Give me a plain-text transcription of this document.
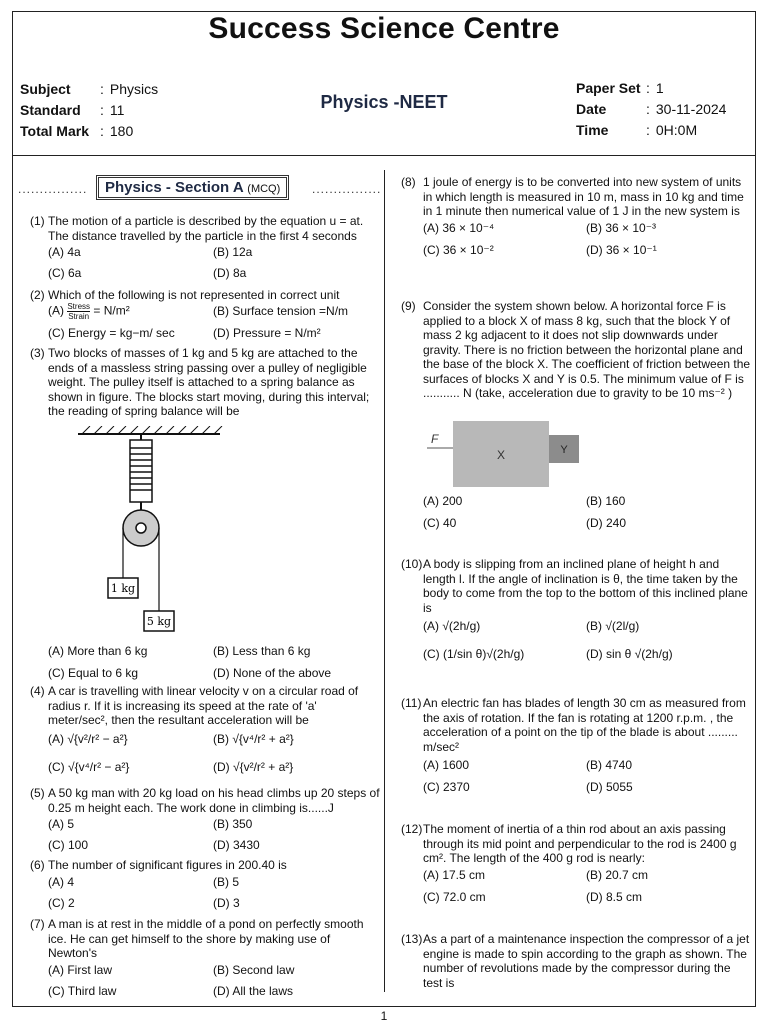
Success Science Centre
Subject : Physics
Standard : 11
Total Mark : 180
Physics -NEET
Paper Set : 1
Date	: 30-11-2024
Time	: 0H:0M
................	Physics - Section A (MCQ)	................
(1) The motion of a particle is described by the equation u = at. The distance travelled by the particle in the first 4 seconds
(A) 4a	(B) 12a
(C) 6a	(D) 8a
(2) Which of the following is not represented in correct unit
$(A) \frac{\text{Stress}}{\text{Strain}} = N/m^2$	(B) Surface tension =N/m
(C) Energy = kg−m/ sec	(D) Pressure = N/m²
(3) Two blocks of masses of 1 kg and 5 kg are attached to the ends of a massless string passing over a pulley of negligible weight. The pulley itself is attached to a spring balance as shown in figure. The blocks start moving, during this interval; the reading of spring balance will be
1 kg
5 kg
(A) More than 6 kg	(B) Less than 6 kg
(C) Equal to 6 kg	(D) None of the above
(4) A car is travelling with linear velocity v on a circular road of radius r. If it is increasing its speed at the rate of 'a' meter/sec², then the resultant acceleration will be
(A) √{v²/r² − a²}	(B) √{v⁴/r² + a²}
(C) √{v⁴/r² − a²}	(D) √{v²/r² + a²}
(5) A 50 kg man with 20 kg load on his head climbs up 20 steps of 0.25 m height each. The work done in climbing is......J
(A) 5	(B) 350
(C) 100	(D) 3430
(6) The number of significant figures in 200.40 is
(A) 4	(B) 5
(C) 2	(D) 3
(7) A man is at rest in the middle of a pond on perfectly smooth ice. He can get himself to the shore by making use of Newton's
(A) First law	(B) Second law
(C) Third law	(D) All the laws
(8) 1 joule of energy is to be converted into new system of units in which length is measured in 10 m, mass in 10 kg and time in 1 minute then numerical value of 1 J in the new system is
(A) 36 × 10⁻⁴	(B) 36 × 10⁻³
(C) 36 × 10⁻²	(D) 36 × 10⁻¹
(9) Consider the system shown below. A horizontal force F is applied to a block X of mass 8 kg, such that the block Y of mass 2 kg adjacent to it does not slip downwards under gravity. There is no friction between the horizontal plane and the base of the block X. The coefficient of friction between the surfaces of blocks X and Y is 0.5. The minimum value of F is ........... N (take, acceleration due to gravity to be 10 ms⁻² )
F
X	Y
(A) 200	(B) 160
(C) 40	(D) 240
(10) A body is slipping from an inclined plane of height h and length l. If the angle of inclination is θ, the time taken by the body to come from the top to the bottom of this inclined plane is
(A) √(2h/g)	(B) √(2l/g)
(C) (1/sin θ)√(2h/g)	(D) sin θ √(2h/g)
(11) An electric fan has blades of length 30 cm as measured from the axis of rotation. If the fan is rotating at 1200 r.p.m. , the acceleration of a point on the tip of the blade is about ......... m/sec²
(A) 1600	(B) 4740
(C) 2370	(D) 5055
(12) The moment of inertia of a thin rod about an axis passing through its mid point and perpendicular to the rod is 2400 g cm². The length of the 400 g rod is nearly:
(A) 17.5 cm	(B) 20.7 cm
(C) 72.0 cm	(D) 8.5 cm
(13) As a part of a maintenance inspection the compressor of a jet engine is made to spin according to the graph as shown. The number of revolutions made by the compressor during the test is
1
